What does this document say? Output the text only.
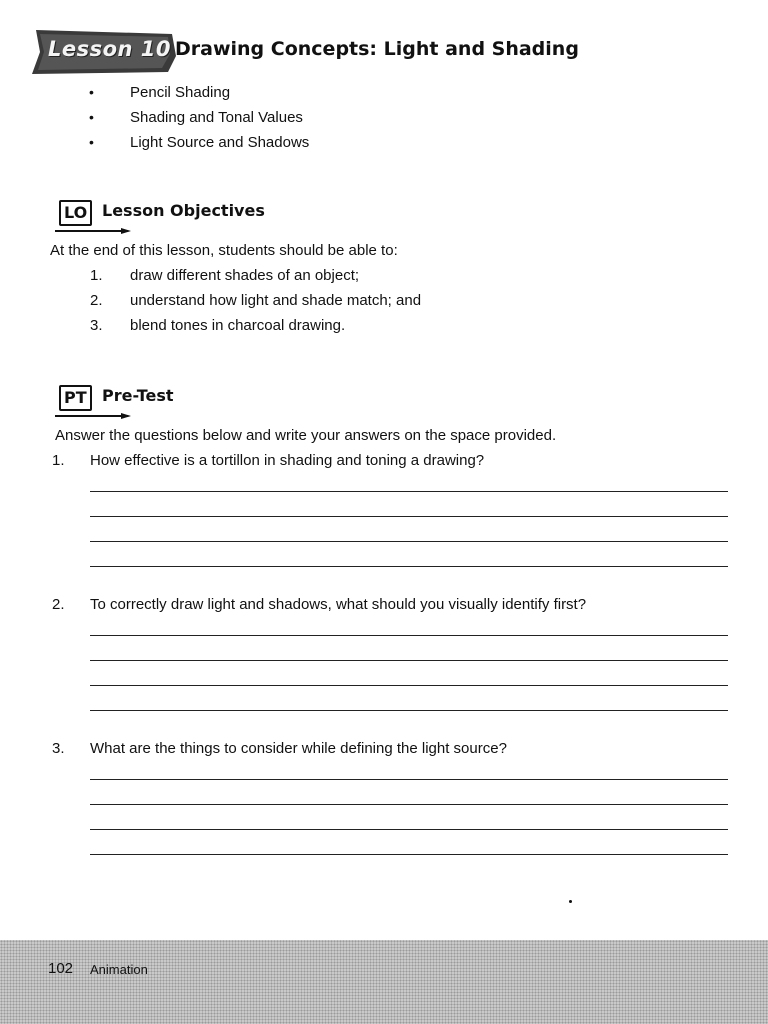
Lesson 10 Drawing Concepts: Light and Shading
• Pencil Shading
• Shading and Tonal Values
• Light Source and Shadows
LO Lesson Objectives
At the end of this lesson, students should be able to:
1. draw different shades of an object;
2. understand how light and shade match; and
3. blend tones in charcoal drawing.
PT Pre-Test
Answer the questions below and write your answers on the space provided.
1. How effective is a tortillon in shading and toning a drawing?
2. To correctly draw light and shadows, what should you visually identify first?
3. What are the things to consider while defining the light source?
102 Animation
